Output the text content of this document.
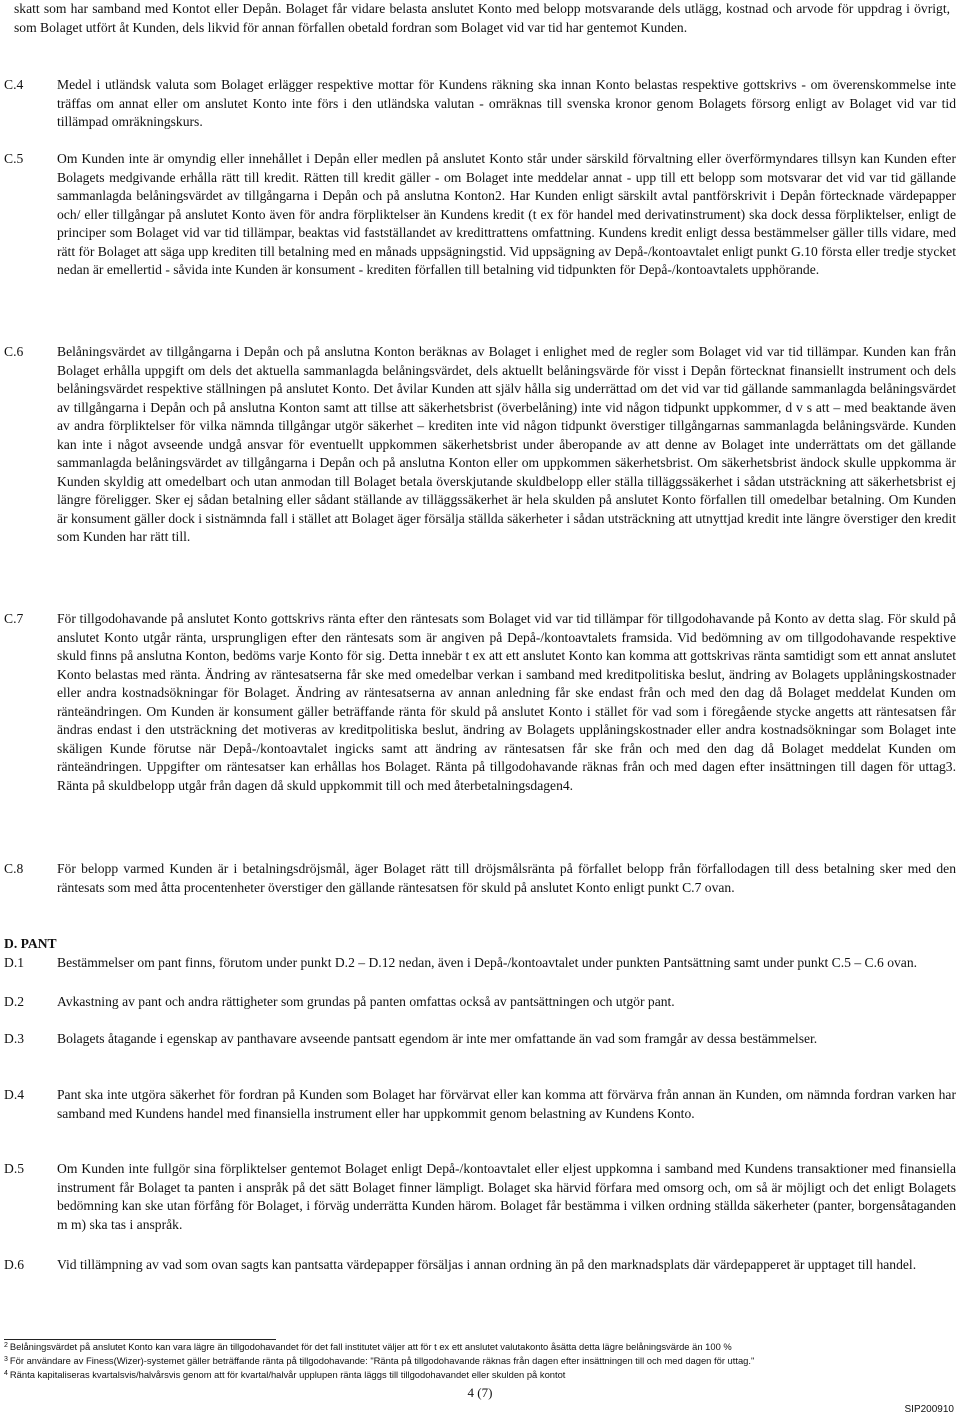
skatt som har samband med Kontot eller Depån. Bolaget får vidare belasta anslutet Konto med belopp motsvarande dels utlägg, kostnad och arvode för uppdrag i övrigt, som Bolaget utfört åt Kunden, dels likvid för annan förfallen obetald fordran som Bolaget vid var tid har gentemot Kunden.

C.4 Medel i utländsk valuta som Bolaget erlägger respektive mottar för Kundens räkning ska innan Konto belastas respektive gottskrivs - om överenskommelse inte träffas om annat eller om anslutet Konto inte förs i den utländska valutan - omräknas till svenska kronor genom Bolagets försorg enligt av Bolaget vid var tid tillämpad omräkningskurs.

C.5 Om Kunden inte är omyndig eller innehållet i Depån eller medlen på anslutet Konto står under särskild förvaltning eller överförmyndares tillsyn kan Kunden efter Bolagets medgivande erhålla rätt till kredit. Rätten till kredit gäller - om Bolaget inte meddelar annat - upp till ett belopp som motsvarar det vid var tid gällande sammanlagda belåningsvärdet av tillgångarna i Depån och på anslutna Konton2. Har Kunden enligt särskilt avtal pantförskrivit i Depån förtecknade värdepapper och/ eller tillgångar på anslutet Konto även för andra förpliktelser än Kundens kredit (t ex för handel med derivatinstrument) ska dock dessa förpliktelser, enligt de principer som Bolaget vid var tid tillämpar, beaktas vid fastställandet av kredittrattens omfattning. Kundens kredit enligt dessa bestämmelser gäller tills vidare, med rätt för Bolaget att säga upp krediten till betalning med en månads uppsägningstid. Vid uppsägning av Depå-/kontoavtalet enligt punkt G.10 första eller tredje stycket nedan är emellertid - såvida inte Kunden är konsument - krediten förfallen till betalning vid tidpunkten för Depå-/kontoavtalets upphörande.

C.6 Belåningsvärdet av tillgångarna i Depån och på anslutna Konton beräknas av Bolaget i enlighet med de regler som Bolaget vid var tid tillämpar. Kunden kan från Bolaget erhålla uppgift om dels det aktuella sammanlagda belåningsvärdet, dels aktuellt belåningsvärde för visst i Depån förtecknat finansiellt instrument och dels belåningsvärdet respektive ställningen på anslutet Konto. Det åvilar Kunden att själv hålla sig underrättad om det vid var tid gällande sammanlagda belåningsvärdet av tillgångarna i Depån och på anslutna Konton samt att tillse att säkerhetsbrist (överbelåning) inte vid någon tidpunkt uppkommer, d v s att – med beaktande även av andra förpliktelser för vilka nämnda tillgångar utgör säkerhet – krediten inte vid någon tidpunkt överstiger tillgångarnas sammanlagda belåningsvärde. Kunden kan inte i något avseende undgå ansvar för eventuellt uppkommen säkerhetsbrist under åberopande av att denne av Bolaget inte underrättats om det gällande sammanlagda belåningsvärdet av tillgångarna i Depån och på anslutna Konton eller om uppkommen säkerhetsbrist. Om säkerhetsbrist ändock skulle uppkomma är Kunden skyldig att omedelbart och utan anmodan till Bolaget betala överskjutande skuldbelopp eller ställa tilläggssäkerhet i sådan utsträckning att säkerhetsbrist ej längre föreligger. Sker ej sådan betalning eller sådant ställande av tilläggssäkerhet är hela skulden på anslutet Konto förfallen till omedelbar betalning. Om Kunden är konsument gäller dock i sistnämnda fall i stället att Bolaget äger försälja ställda säkerheter i sådan utsträckning att utnyttjad kredit inte längre överstiger den kredit som Kunden har rätt till.

C.7 För tillgodohavande på anslutet Konto gottskrivs ränta efter den räntesats som Bolaget vid var tid tillämpar för tillgodohavande på Konto av detta slag. För skuld på anslutet Konto utgår ränta, ursprungligen efter den räntesats som är angiven på Depå-/kontoavtalets framsida. Vid bedömning av om tillgodohavande respektive skuld finns på anslutna Konton, bedöms varje Konto för sig. Detta innebär t ex att ett anslutet Konto kan komma att gottskrivas ränta samtidigt som ett annat anslutet Konto belastas med ränta. Ändring av räntesatserna får ske med omedelbar verkan i samband med kreditpolitiska beslut, ändring av Bolagets upplåningskostnader eller andra kostnadsökningar för Bolaget. Ändring av räntesatserna av annan anledning får ske endast från och med den dag då Bolaget meddelat Kunden om ränteändringen. Om Kunden är konsument gäller beträffande ränta för skuld på anslutet Konto i stället för vad som i föregående stycke angetts att räntesatsen får ändras endast i den utsträckning det motiveras av kreditpolitiska beslut, ändring av Bolagets upplåningskostnader eller andra kostnadsökningar som Bolaget inte skäligen Kunde förutse när Depå-/kontoavtalet ingicks samt att ändring av räntesatsen får ske från och med den dag då Bolaget meddelat Kunden om ränteändringen. Uppgifter om räntesatser kan erhållas hos Bolaget. Ränta på tillgodohavande räknas från och med dagen efter insättningen till dagen för uttag3. Ränta på skuldbelopp utgår från dagen då skuld uppkommit till och med återbetalningsdagen4.

C.8 För belopp varmed Kunden är i betalningsdröjsmål, äger Bolaget rätt till dröjsmålsränta på förfallet belopp från förfallodagen till dess betalning sker med den räntesats som med åtta procentenheter överstiger den gällande räntesatsen för skuld på anslutet Konto enligt punkt C.7 ovan.

D. PANT
D.1 Bestämmelser om pant finns, förutom under punkt D.2 – D.12 nedan, även i Depå-/kontoavtalet under punkten Pantsättning samt under punkt C.5 – C.6 ovan.

D.2 Avkastning av pant och andra rättigheter som grundas på panten omfattas också av pantsättningen och utgör pant.

D.3 Bolagets åtagande i egenskap av panthavare avseende pantsatt egendom är inte mer omfattande än vad som framgår av dessa bestämmelser.

D.4 Pant ska inte utgöra säkerhet för fordran på Kunden som Bolaget har förvärvat eller kan komma att förvärva från annan än Kunden, om nämnda fordran varken har samband med Kundens handel med finansiella instrument eller har uppkommit genom belastning av Kundens Konto.

D.5 Om Kunden inte fullgör sina förpliktelser gentemot Bolaget enligt Depå-/kontoavtalet eller eljest uppkomna i samband med Kundens transaktioner med finansiella instrument får Bolaget ta panten i anspråk på det sätt Bolaget finner lämpligt. Bolaget ska härvid förfara med omsorg och, om så är möjligt och det enligt Bolagets bedömning kan ske utan förfång för Bolaget, i förväg underrätta Kunden härom. Bolaget får bestämma i vilken ordning ställda säkerheter (panter, borgensåtaganden m m) ska tas i anspråk.

D.6 Vid tillämpning av vad som ovan sagts kan pantsatta värdepapper försäljas i annan ordning än på den marknadsplats där värdepapperet är upptaget till handel.

$^2$ Belåningsvärdet på anslutet Konto kan vara lägre än tillgodohavandet för det fall institutet väljer att för t ex ett anslutet valutakonto åsätta detta lägre belåningsvärde än 100 %
$^3$ För användare av Finess(Wizer)-systemet gäller beträffande ränta på tillgodohavande: "Ränta på tillgodohavande räknas från dagen efter insättningen till och med dagen för uttag."
$^4$ Ränta kapitaliseras kvartalsvis/halvårsvis genom att för kvartal/halvår upplupen ränta läggs till tillgodohavandet eller skulden på kontot
4 (7)
SIP200910
